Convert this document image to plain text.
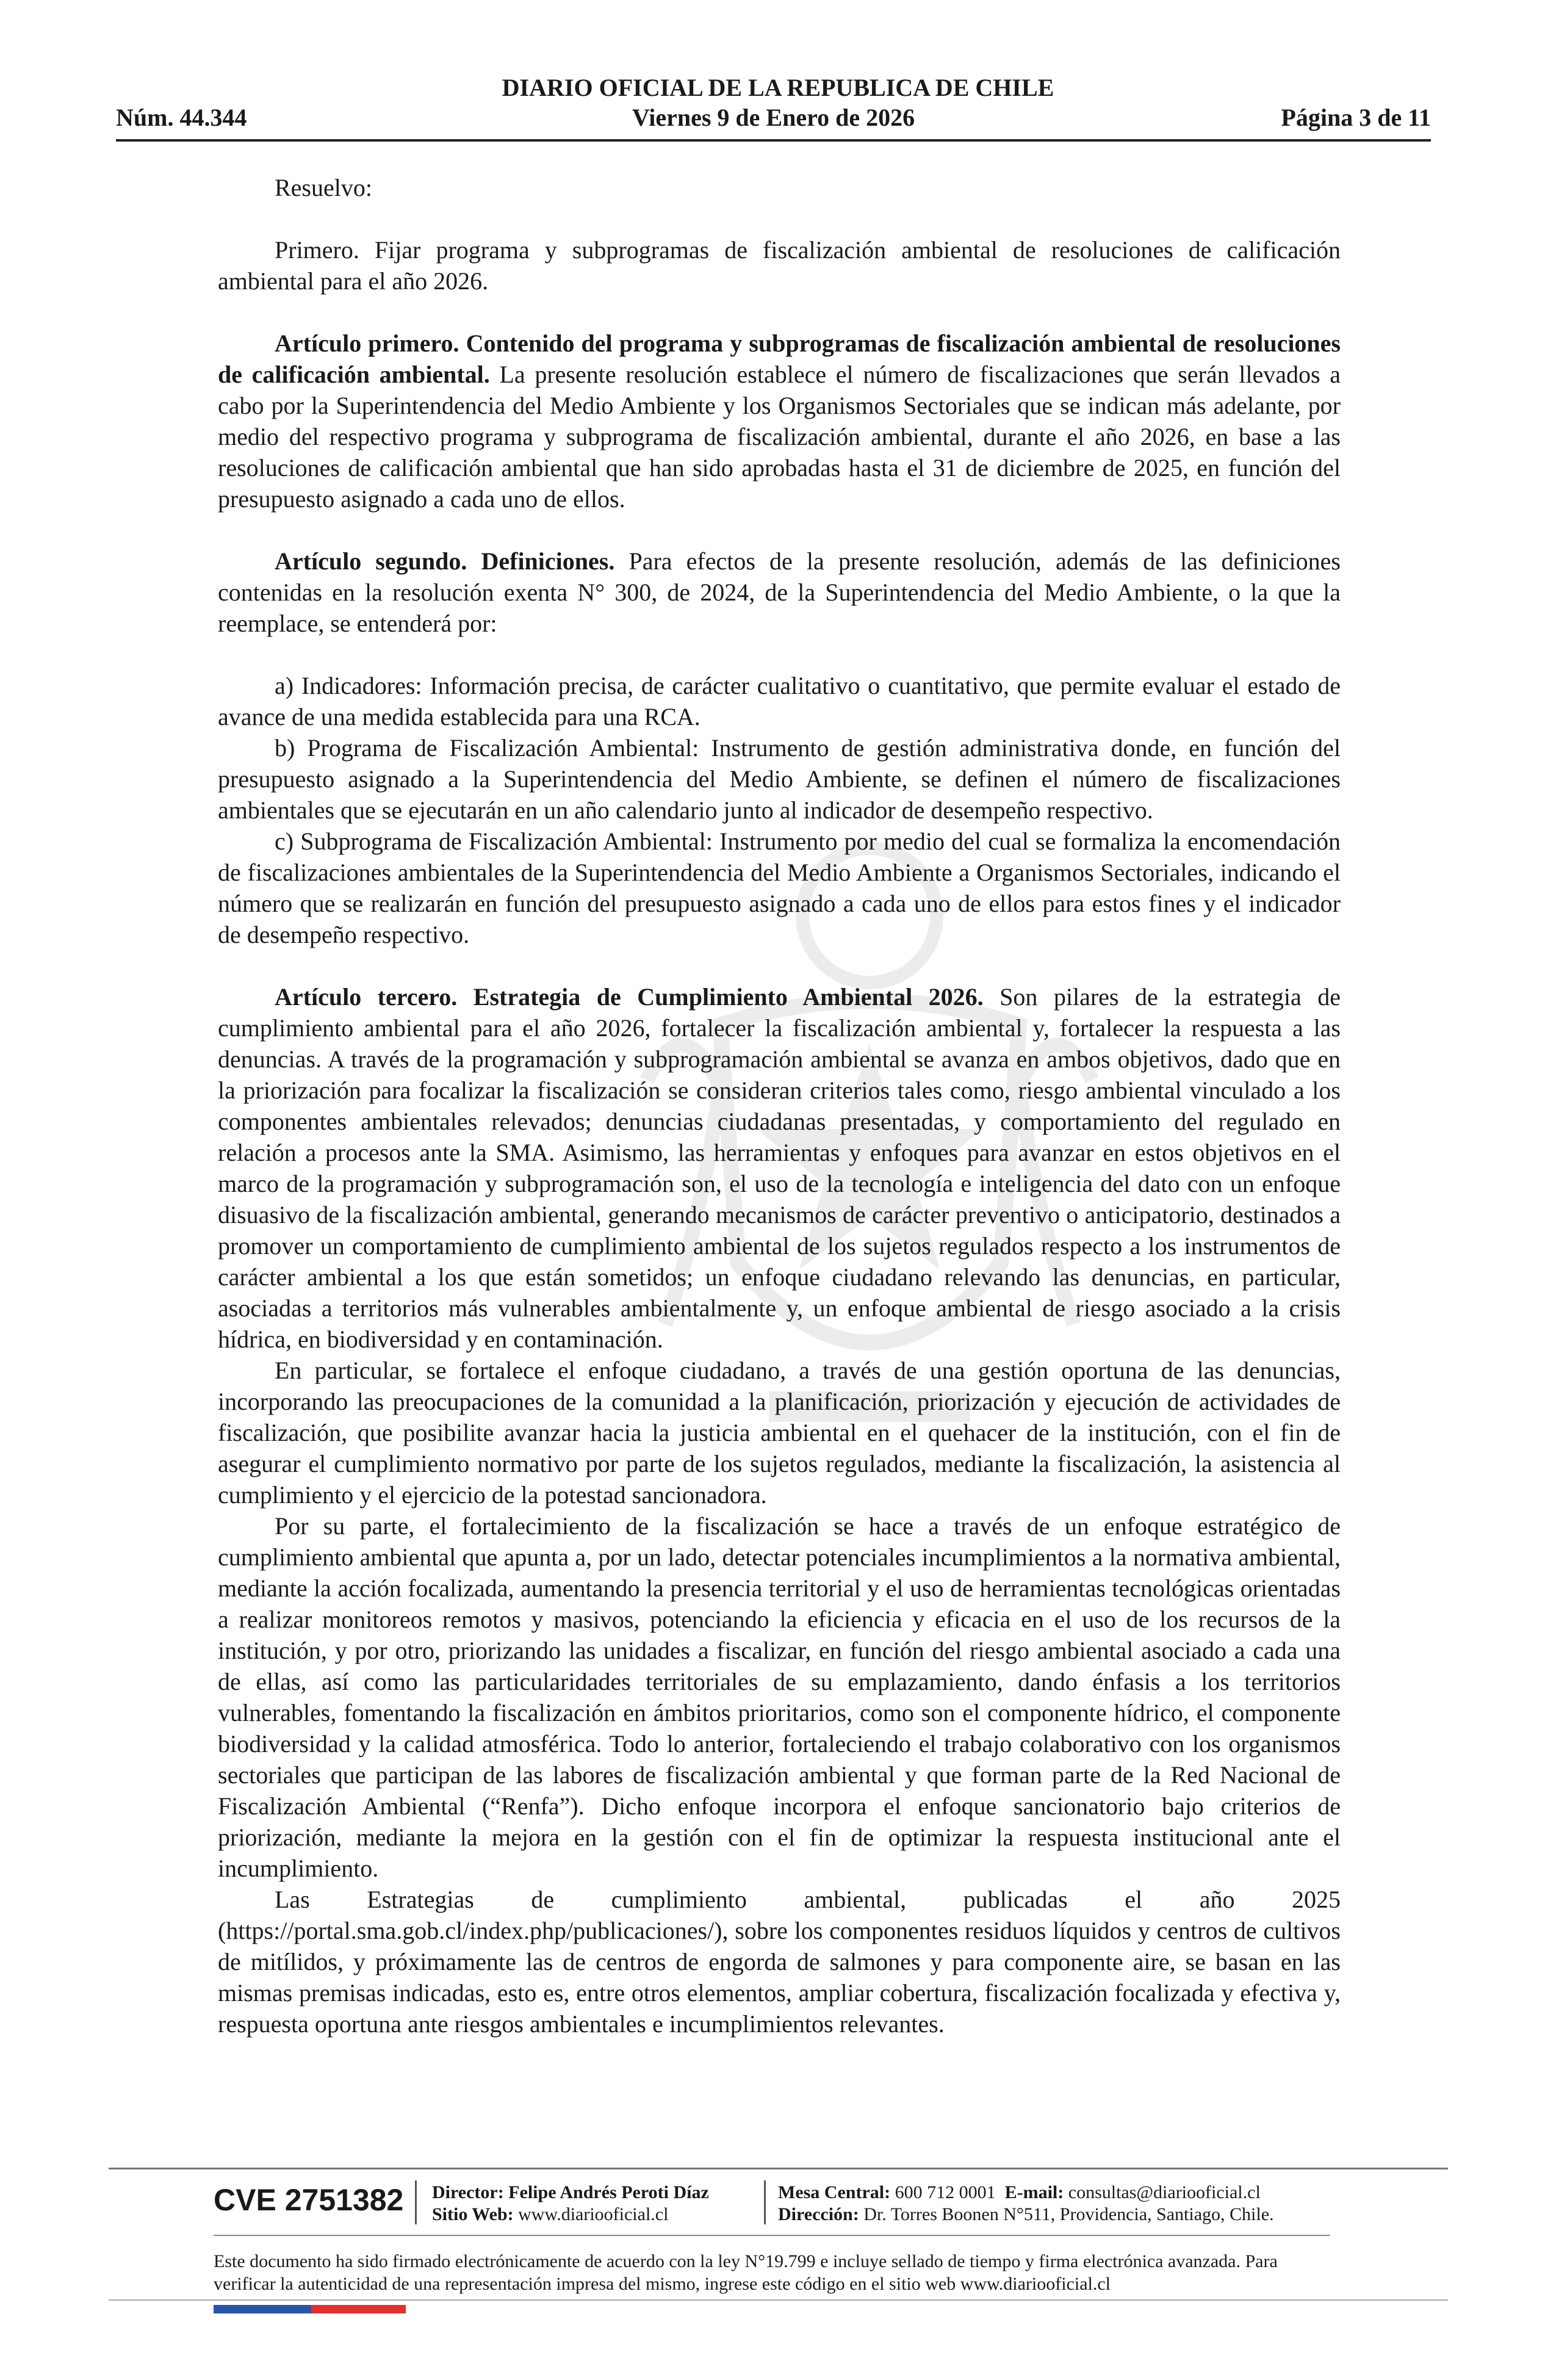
DIARIO OFICIAL DE LA REPUBLICA DE CHILE
Viernes 9 de Enero de 2026
Núm. 44.344	Página 3 de 11

Resuelvo:

Primero. Fijar programa y subprogramas de fiscalización ambiental de resoluciones de calificación ambiental para el año 2026.

Artículo primero. Contenido del programa y subprogramas de fiscalización ambiental de resoluciones de calificación ambiental. La presente resolución establece el número de fiscalizaciones que serán llevados a cabo por la Superintendencia del Medio Ambiente y los Organismos Sectoriales que se indican más adelante, por medio del respectivo programa y subprograma de fiscalización ambiental, durante el año 2026, en base a las resoluciones de calificación ambiental que han sido aprobadas hasta el 31 de diciembre de 2025, en función del presupuesto asignado a cada uno de ellos.

Artículo segundo. Definiciones. Para efectos de la presente resolución, además de las definiciones contenidas en la resolución exenta N° 300, de 2024, de la Superintendencia del Medio Ambiente, o la que la reemplace, se entenderá por:

a) Indicadores: Información precisa, de carácter cualitativo o cuantitativo, que permite evaluar el estado de avance de una medida establecida para una RCA.

b) Programa de Fiscalización Ambiental: Instrumento de gestión administrativa donde, en función del presupuesto asignado a la Superintendencia del Medio Ambiente, se definen el número de fiscalizaciones ambientales que se ejecutarán en un año calendario junto al indicador de desempeño respectivo.

c) Subprograma de Fiscalización Ambiental: Instrumento por medio del cual se formaliza la encomendación de fiscalizaciones ambientales de la Superintendencia del Medio Ambiente a Organismos Sectoriales, indicando el número que se realizarán en función del presupuesto asignado a cada uno de ellos para estos fines y el indicador de desempeño respectivo.

Artículo tercero. Estrategia de Cumplimiento Ambiental 2026. Son pilares de la estrategia de cumplimiento ambiental para el año 2026, fortalecer la fiscalización ambiental y, fortalecer la respuesta a las denuncias. A través de la programación y subprogramación ambiental se avanza en ambos objetivos, dado que en la priorización para focalizar la fiscalización se consideran criterios tales como, riesgo ambiental vinculado a los componentes ambientales relevados; denuncias ciudadanas presentadas, y comportamiento del regulado en relación a procesos ante la SMA. Asimismo, las herramientas y enfoques para avanzar en estos objetivos en el marco de la programación y subprogramación son, el uso de la tecnología e inteligencia del dato con un enfoque disuasivo de la fiscalización ambiental, generando mecanismos de carácter preventivo o anticipatorio, destinados a promover un comportamiento de cumplimiento ambiental de los sujetos regulados respecto a los instrumentos de carácter ambiental a los que están sometidos; un enfoque ciudadano relevando las denuncias, en particular, asociadas a territorios más vulnerables ambientalmente y, un enfoque ambiental de riesgo asociado a la crisis hídrica, en biodiversidad y en contaminación.

En particular, se fortalece el enfoque ciudadano, a través de una gestión oportuna de las denuncias, incorporando las preocupaciones de la comunidad a la planificación, priorización y ejecución de actividades de fiscalización, que posibilite avanzar hacia la justicia ambiental en el quehacer de la institución, con el fin de asegurar el cumplimiento normativo por parte de los sujetos regulados, mediante la fiscalización, la asistencia al cumplimiento y el ejercicio de la potestad sancionadora.

Por su parte, el fortalecimiento de la fiscalización se hace a través de un enfoque estratégico de cumplimiento ambiental que apunta a, por un lado, detectar potenciales incumplimientos a la normativa ambiental, mediante la acción focalizada, aumentando la presencia territorial y el uso de herramientas tecnológicas orientadas a realizar monitoreos remotos y masivos, potenciando la eficiencia y eficacia en el uso de los recursos de la institución, y por otro, priorizando las unidades a fiscalizar, en función del riesgo ambiental asociado a cada una de ellas, así como las particularidades territoriales de su emplazamiento, dando énfasis a los territorios vulnerables, fomentando la fiscalización en ámbitos prioritarios, como son el componente hídrico, el componente biodiversidad y la calidad atmosférica. Todo lo anterior, fortaleciendo el trabajo colaborativo con los organismos sectoriales que participan de las labores de fiscalización ambiental y que forman parte de la Red Nacional de Fiscalización Ambiental (“Renfa”). Dicho enfoque incorpora el enfoque sancionatorio bajo criterios de priorización, mediante la mejora en la gestión con el fin de optimizar la respuesta institucional ante el incumplimiento.

Las Estrategias de cumplimiento ambiental, publicadas el año 2025 (https://portal.sma.gob.cl/index.php/publicaciones/), sobre los componentes residuos líquidos y centros de cultivos de mitílidos, y próximamente las de centros de engorda de salmones y para componente aire, se basan en las mismas premisas indicadas, esto es, entre otros elementos, ampliar cobertura, fiscalización focalizada y efectiva y, respuesta oportuna ante riesgos ambientales e incumplimientos relevantes.

CVE 2751382 Director: Felipe Andrés Peroti Díaz
Sitio Web: www.diariooficial.cl
Mesa Central: 600 712 0001 E-mail: consultas@diariooficial.cl
Dirección: Dr. Torres Boonen N°511, Providencia, Santiago, Chile.
Este documento ha sido firmado electrónicamente de acuerdo con la ley N°19.799 e incluye sellado de tiempo y firma electrónica avanzada. Para verificar la autenticidad de una representación impresa del mismo, ingrese este código en el sitio web www.diariooficial.cl
